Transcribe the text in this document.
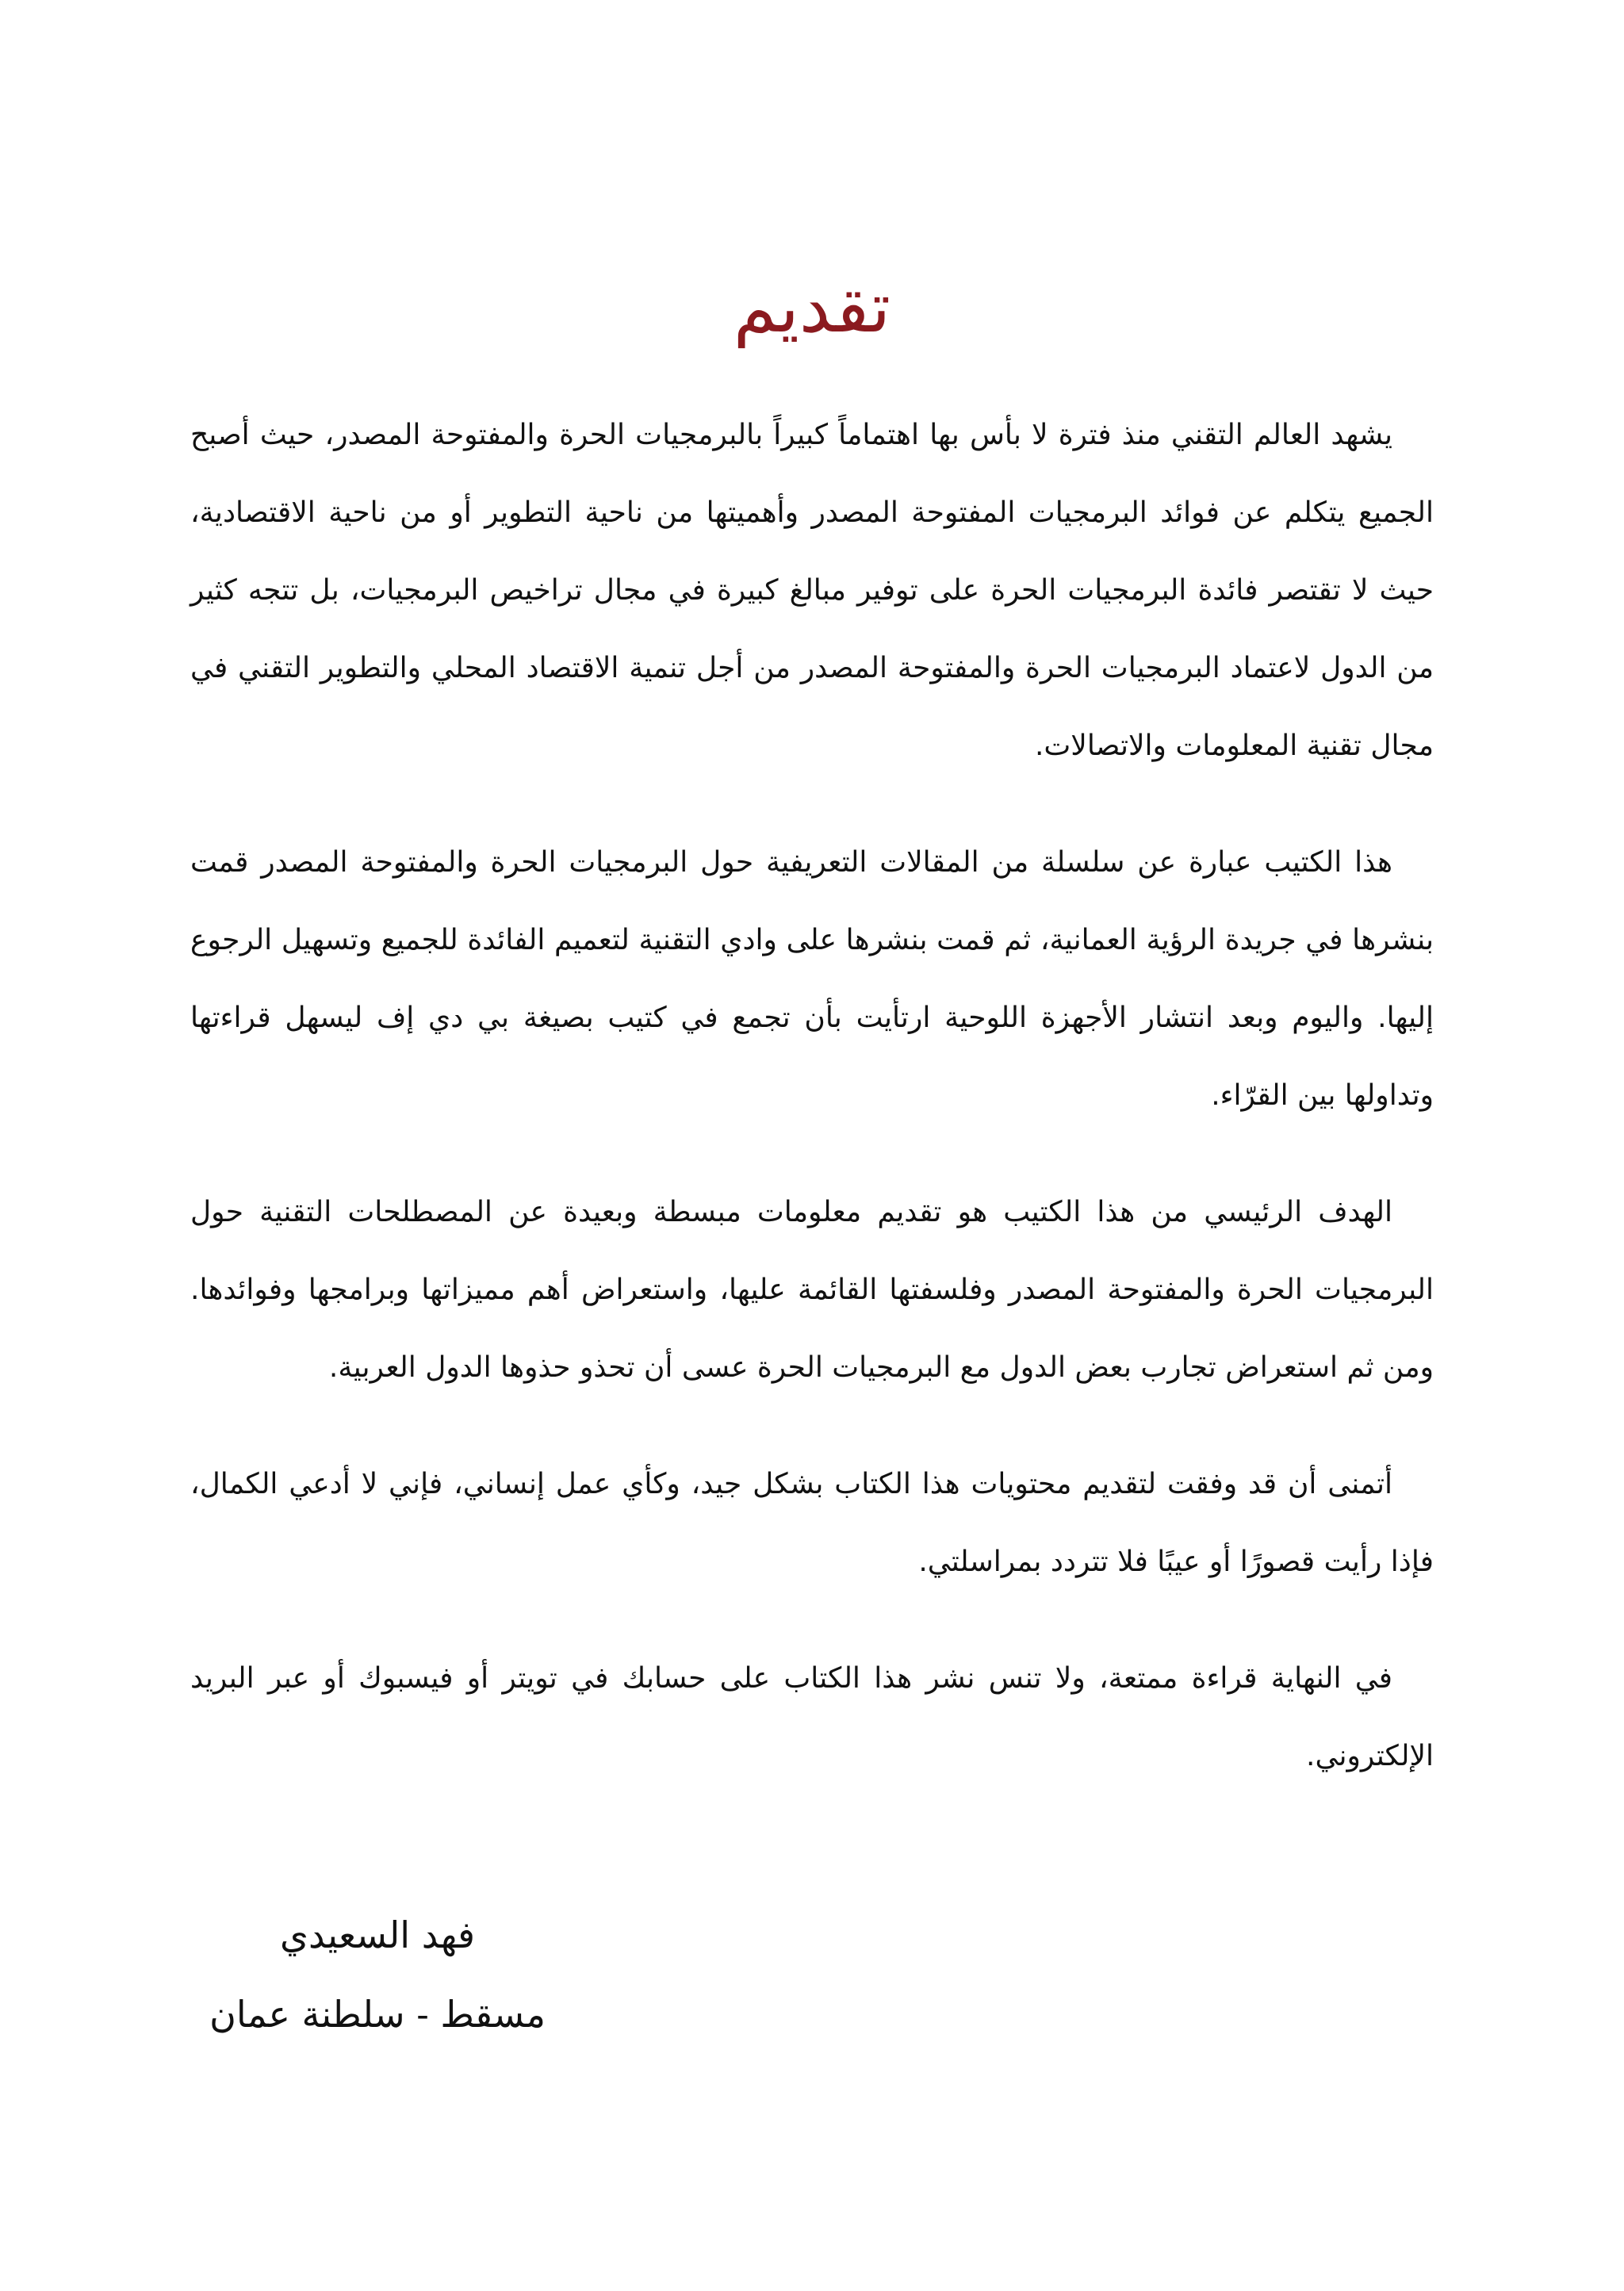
تقديم

يشهد العالم التقني منذ فترة لا بأس بها اهتماماً كبيراً بالبرمجيات الحرة والمفتوحة المصدر، حيث أصبح الجميع يتكلم عن فوائد البرمجيات المفتوحة المصدر وأهميتها من ناحية التطوير أو من ناحية الاقتصادية، حيث لا تقتصر فائدة البرمجيات الحرة على توفير مبالغ كبيرة في مجال تراخيص البرمجيات، بل تتجه كثير من الدول لاعتماد البرمجيات الحرة والمفتوحة المصدر من أجل تنمية الاقتصاد المحلي والتطوير التقني في مجال تقنية المعلومات والاتصالات.

هذا الكتيب عبارة عن سلسلة من المقالات التعريفية حول البرمجيات الحرة والمفتوحة المصدر قمت بنشرها في جريدة الرؤية العمانية، ثم قمت بنشرها على وادي التقنية لتعميم الفائدة للجميع وتسهيل الرجوع إليها. واليوم وبعد انتشار الأجهزة اللوحية ارتأيت بأن تجمع في كتيب بصيغة بي دي إف ليسهل قراءتها وتداولها بين القرّاء.

الهدف الرئيسي من هذا الكتيب هو تقديم معلومات مبسطة وبعيدة عن المصطلحات التقنية حول البرمجيات الحرة والمفتوحة المصدر وفلسفتها القائمة عليها، واستعراض أهم مميزاتها وبرامجها وفوائدها. ومن ثم استعراض تجارب بعض الدول مع البرمجيات الحرة عسى أن تحذو حذوها الدول العربية.

أتمنى أن قد وفقت لتقديم محتويات هذا الكتاب بشكل جيد، وكأي عمل إنساني، فإني لا أدعي الكمال، فإذا رأيت قصورًا أو عيبًا فلا تتردد بمراسلتي.

في النهاية قراءة ممتعة، ولا تنس نشر هذا الكتاب على حسابك في تويتر أو فيسبوك أو عبر البريد الإلكتروني.

فهد السعيدي
مسقط - سلطنة عمان
